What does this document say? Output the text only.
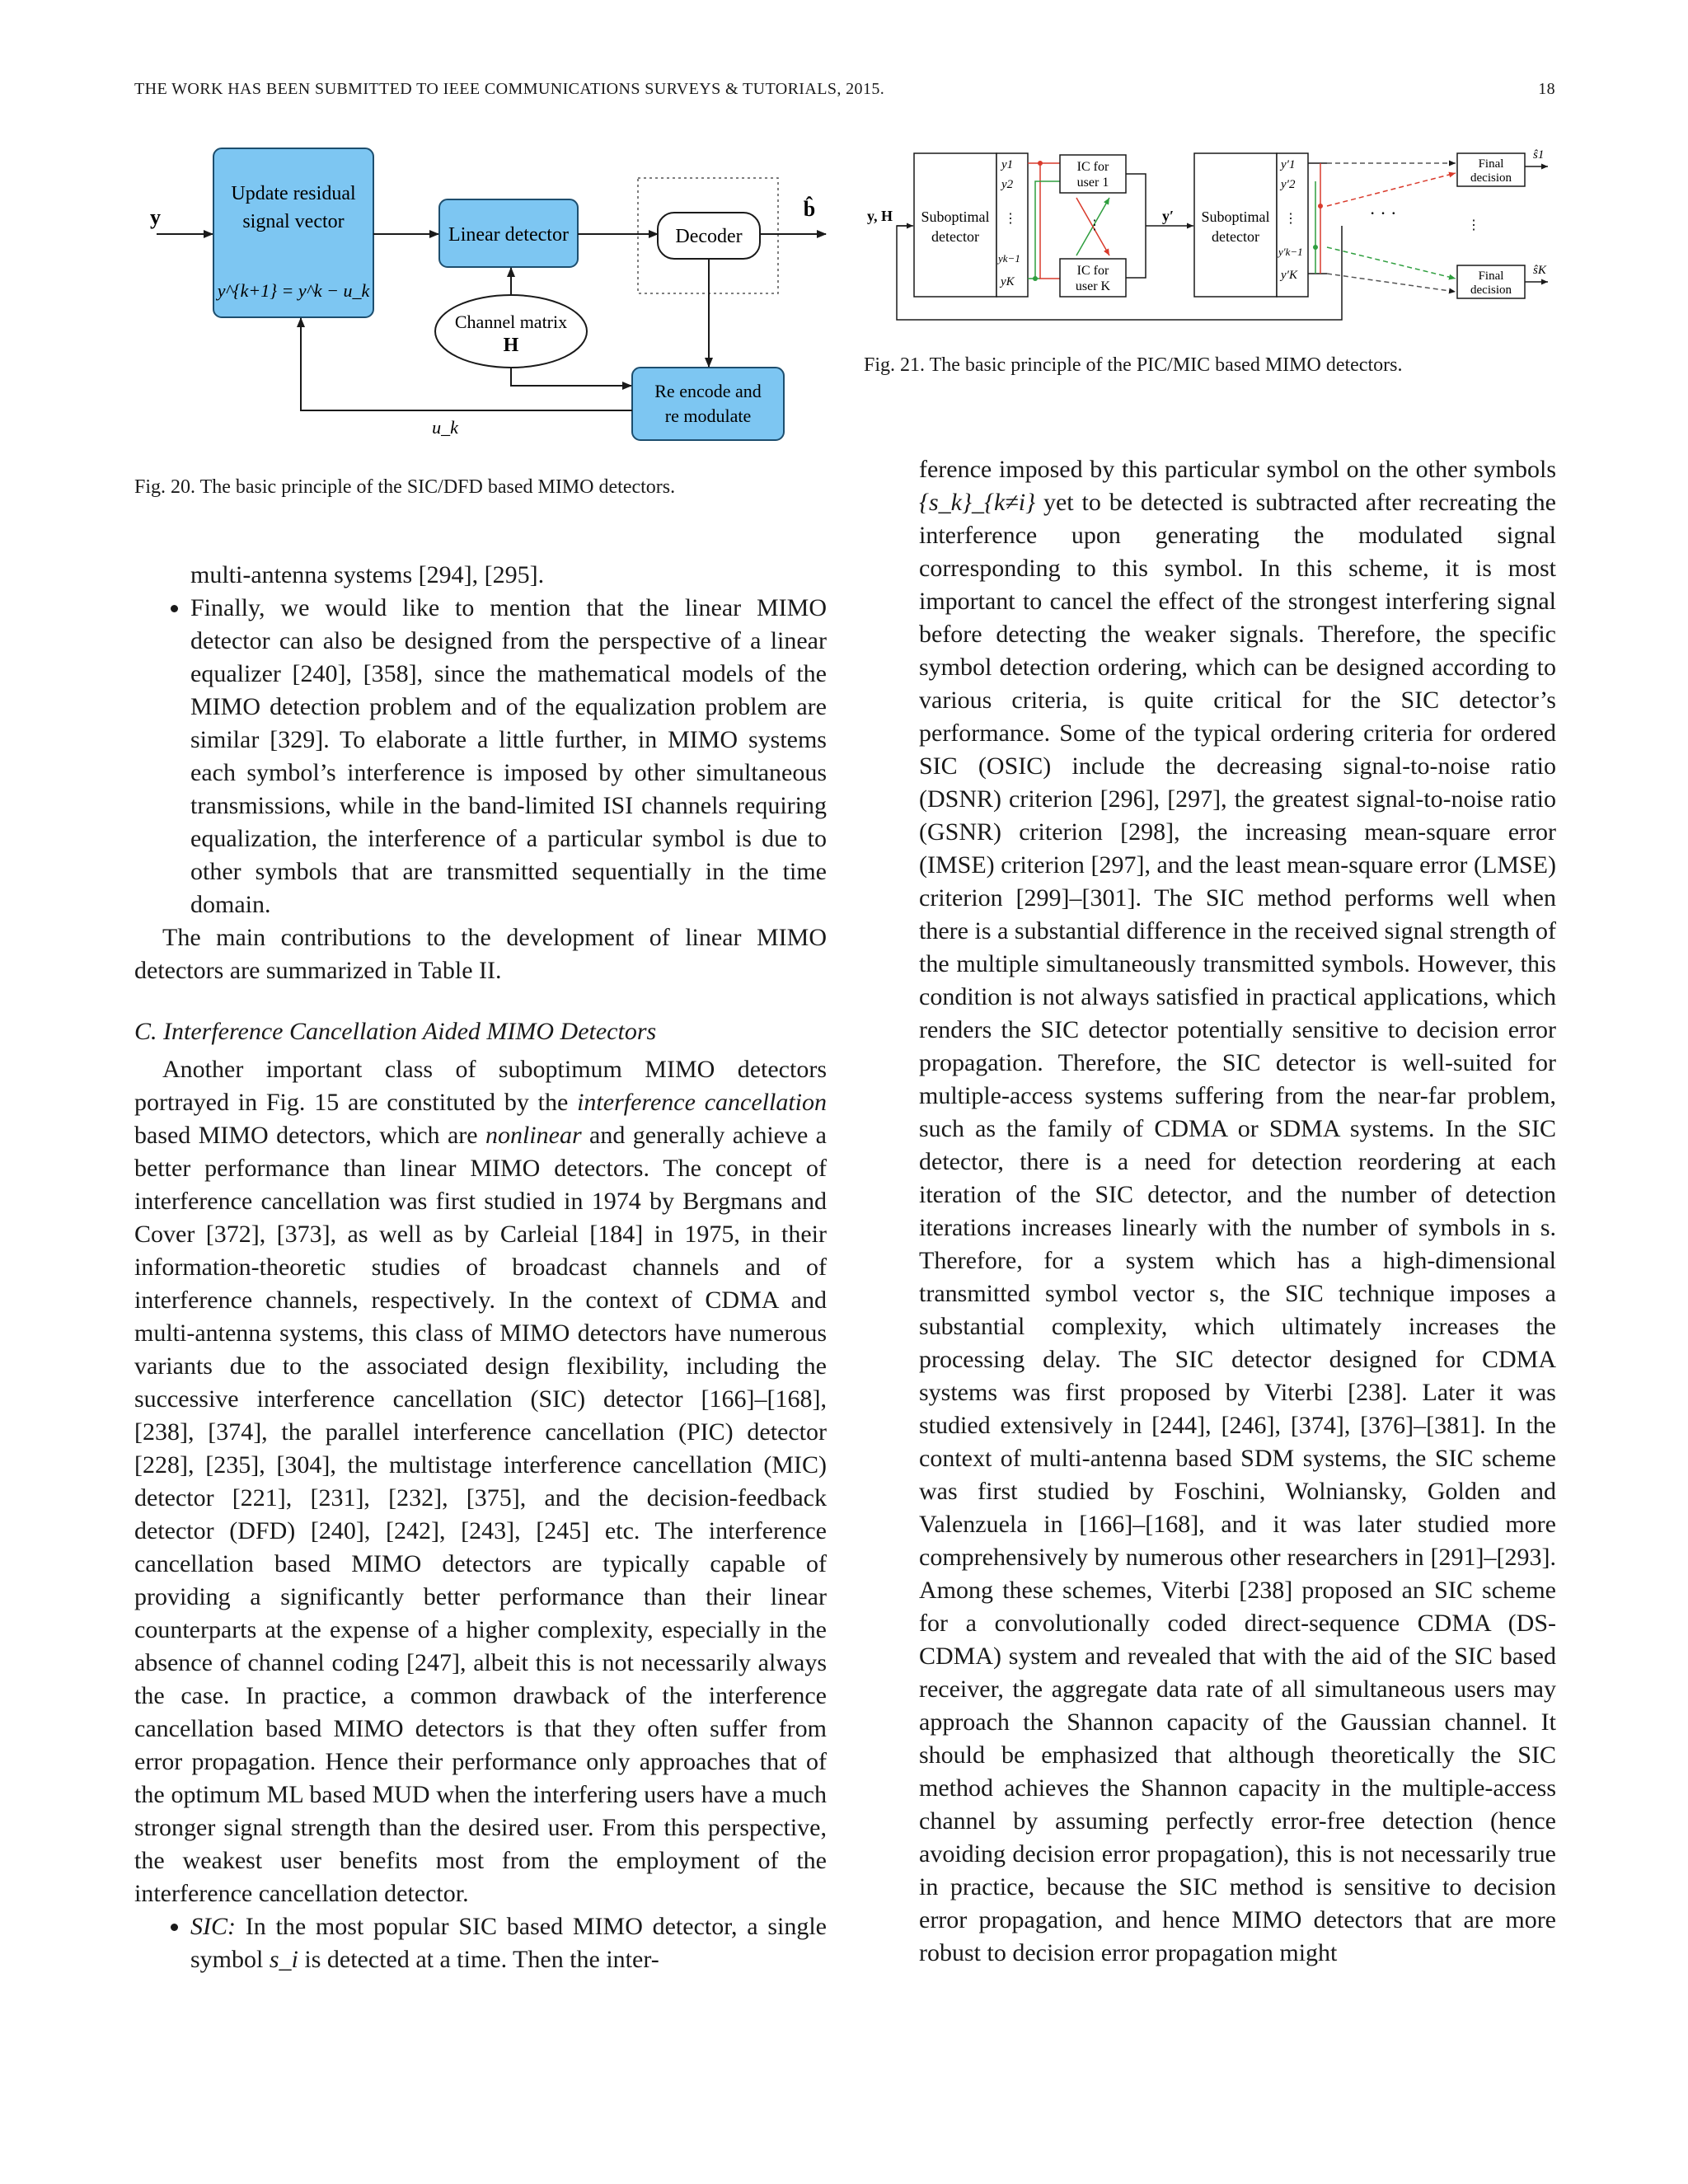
THE WORK HAS BEEN SUBMITTED TO IEEE COMMUNICATIONS SURVEYS & TUTORIALS, 2015.	18
y
Update residual
signal vector
y^{k+1} = y^k − u_k
Linear detector	Decoder
b̂
Channel matrix
H
Re encode and
re modulate
u_k
Fig. 20. The basic principle of the SIC/DFD based MIMO detectors.
y, H Suboptimal
detector
y1
y2
⋮
yk−1
yK
IC for
user 1
⋮
IC for
user K
y′ Suboptimal
detector
y′1
y′2
⋮
y′k−1
y′K
· · ·
⋮
Final
decision
ŝ1
Final
decision
ŝK
Fig. 21. The basic principle of the PIC/MIC based MIMO detectors.

multi-antenna systems [294], [295].

• Finally, we would like to mention that the linear MIMO detector can also be designed from the perspective of a linear equalizer [240], [358], since the mathematical models of the MIMO detection problem and of the equalization problem are similar [329]. To elaborate a little further, in MIMO systems each symbol’s interference is imposed by other simultaneous transmissions, while in the band-limited ISI channels requiring equalization, the interference of a particular symbol is due to other symbols that are transmitted sequentially in the time domain.

The main contributions to the development of linear MIMO detectors are summarized in Table II.

C. Interference Cancellation Aided MIMO Detectors

Another important class of suboptimum MIMO detectors portrayed in Fig. 15 are constituted by the interference cancellation based MIMO detectors, which are nonlinear and generally achieve a better performance than linear MIMO detectors. The concept of interference cancellation was first studied in 1974 by Bergmans and Cover [372], [373], as well as by Carleial [184] in 1975, in their information-theoretic studies of broadcast channels and of interference channels, respectively. In the context of CDMA and multi-antenna systems, this class of MIMO detectors have numerous variants due to the associated design flexibility, including the successive interference cancellation (SIC) detector [166]–[168], [238], [374], the parallel interference cancellation (PIC) detector [228], [235], [304], the multistage interference cancellation (MIC) detector [221], [231], [232], [375], and the decision-feedback detector (DFD) [240], [242], [243], [245] etc. The interference cancellation based MIMO detectors are typically capable of providing a significantly better performance than their linear counterparts at the expense of a higher complexity, especially in the absence of channel coding [247], albeit this is not necessarily always the case. In practice, a common drawback of the interference cancellation based MIMO detectors is that they often suffer from error propagation. Hence their performance only approaches that of the optimum ML based MUD when the interfering users have a much stronger signal strength than the desired user. From this perspective, the weakest user benefits most from the employment of the interference cancellation detector.

• SIC: In the most popular SIC based MIMO detector, a single symbol s_i is detected at a time. Then the inter-

ference imposed by this particular symbol on the other symbols {s_k}_{k≠i} yet to be detected is subtracted after recreating the interference upon generating the modulated signal corresponding to this symbol. In this scheme, it is most important to cancel the effect of the strongest interfering signal before detecting the weaker signals. Therefore, the specific symbol detection ordering, which can be designed according to various criteria, is quite critical for the SIC detector’s performance. Some of the typical ordering criteria for ordered SIC (OSIC) include the decreasing signal-to-noise ratio (DSNR) criterion [296], [297], the greatest signal-to-noise ratio (GSNR) criterion [298], the increasing mean-square error (IMSE) criterion [297], and the least mean-square error (LMSE) criterion [299]–[301]. The SIC method performs well when there is a substantial difference in the received signal strength of the multiple simultaneously transmitted symbols. However, this condition is not always satisfied in practical applications, which renders the SIC detector potentially sensitive to decision error propagation. Therefore, the SIC detector is well-suited for multiple-access systems suffering from the near-far problem, such as the family of CDMA or SDMA systems. In the SIC detector, there is a need for detection reordering at each iteration of the SIC detector, and the number of detection iterations increases linearly with the number of symbols in s. Therefore, for a system which has a high-dimensional transmitted symbol vector s, the SIC technique imposes a substantial complexity, which ultimately increases the processing delay. The SIC detector designed for CDMA systems was first proposed by Viterbi [238]. Later it was studied extensively in [244], [246], [374], [376]–[381]. In the context of multi-antenna based SDM systems, the SIC scheme was first studied by Foschini, Wolniansky, Golden and Valenzuela in [166]–[168], and it was later studied more comprehensively by numerous other researchers in [291]–[293]. Among these schemes, Viterbi [238] proposed an SIC scheme for a convolutionally coded direct-sequence CDMA (DS-CDMA) system and revealed that with the aid of the SIC based receiver, the aggregate data rate of all simultaneous users may approach the Shannon capacity of the Gaussian channel. It should be emphasized that although theoretically the SIC method achieves the Shannon capacity in the multiple-access channel by assuming perfectly error-free detection (hence avoiding decision error propagation), this is not necessarily true in practice, because the SIC method is sensitive to decision error propagation, and hence MIMO detectors that are more robust to decision error propagation might
